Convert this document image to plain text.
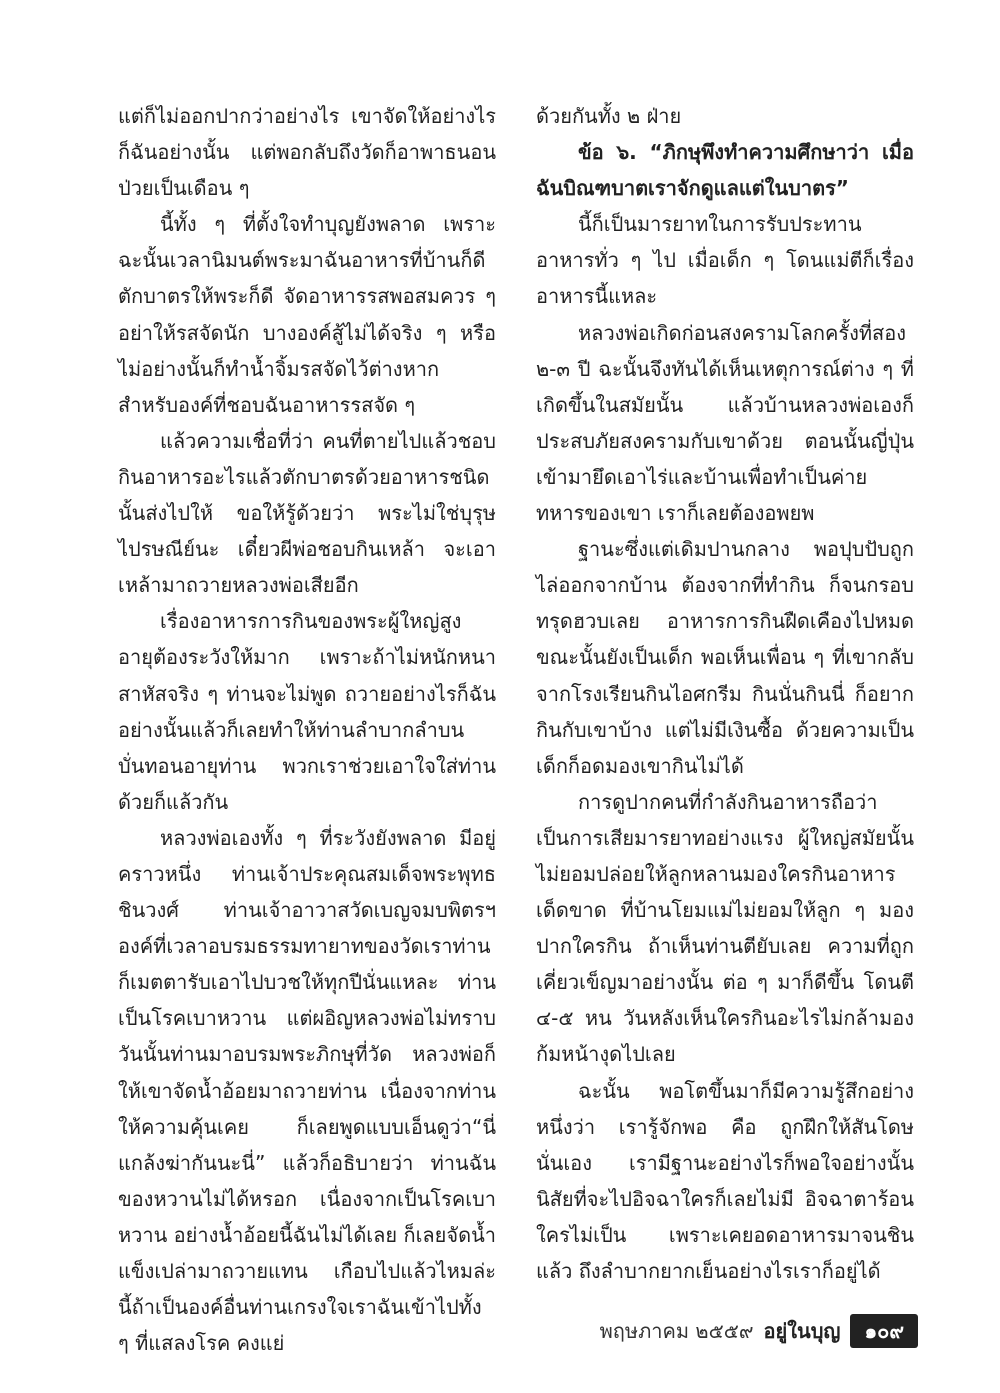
แต่ก็ไม่ออกปากว่าอย่างไร เขาจัดให้อย่างไรก็ฉันอย่างนั้น แต่พอกลับถึงวัดก็อาพาธนอนป่วยเป็นเดือน ๆ

นี้ทั้ง ๆ ที่ตั้งใจทำบุญยังพลาด เพราะฉะนั้นเวลานิมนต์พระมาฉันอาหารที่บ้านก็ดีตักบาตรให้พระก็ดี จัดอาหารรสพอสมควร ๆ อย่าให้รสจัดนัก บางองค์สู้ไม่ได้จริง ๆ หรือไม่อย่างนั้นก็ทำน้ำจิ้มรสจัดไว้ต่างหาก สำหรับองค์ที่ชอบฉันอาหารรสจัด ๆ

แล้วความเชื่อที่ว่า คนที่ตายไปแล้วชอบกินอาหารอะไรแล้วตักบาตรด้วยอาหารชนิดนั้นส่งไปให้ ขอให้รู้ด้วยว่า พระไม่ใช่บุรุษไปรษณีย์นะ เดี๋ยวผีพ่อชอบกินเหล้า จะเอาเหล้ามาถวายหลวงพ่อเสียอีก

เรื่องอาหารการกินของพระผู้ใหญ่สูงอายุต้องระวังให้มาก เพราะถ้าไม่หนักหนาสาหัสจริง ๆ ท่านจะไม่พูด ถวายอย่างไรก็ฉันอย่างนั้นแล้วก็เลยทำให้ท่านลำบากลำบน บั่นทอนอายุท่าน พวกเราช่วยเอาใจใส่ท่านด้วยก็แล้วกัน

หลวงพ่อเองทั้ง ๆ ที่ระวังยังพลาด มีอยู่คราวหนึ่ง ท่านเจ้าประคุณสมเด็จพระพุทธชินวงศ์ ท่านเจ้าอาวาสวัดเบญจมบพิตรฯ องค์ที่เวลาอบรมธรรมทายาทของวัดเราท่านก็เมตตารับเอาไปบวชให้ทุกปีนั่นแหละ ท่านเป็นโรคเบาหวาน แต่ผอิญหลวงพ่อไม่ทราบ วันนั้นท่านมาอบรมพระภิกษุที่วัด หลวงพ่อก็ให้เขาจัดน้ำอ้อยมาถวายท่าน เนื่องจากท่านให้ความคุ้นเคย ก็เลยพูดแบบเอ็นดูว่า“นี่แกล้งฆ่ากันนะนี่” แล้วก็อธิบายว่า ท่านฉันของหวานไม่ได้หรอก เนื่องจากเป็นโรคเบาหวาน อย่างน้ำอ้อยนี้ฉันไม่ได้เลย ก็เลยจัดน้ำแข็งเปล่ามาถวายแทน เกือบไปแล้วไหมล่ะ นี้ถ้าเป็นองค์อื่นท่านเกรงใจเราฉันเข้าไปทั้ง ๆ ที่แสลงโรค คงแย่

ด้วยกันทั้ง ๒ ฝ่าย

ข้อ ๖. “ภิกษุพึงทำความศึกษาว่า เมื่อฉันบิณฑบาตเราจักดูแลแต่ในบาตร”

นี้ก็เป็นมารยาทในการรับประทานอาหารทั่ว ๆ ไป เมื่อเด็ก ๆ โดนแม่ตีก็เรื่องอาหารนี้แหละ

หลวงพ่อเกิดก่อนสงครามโลกครั้งที่สอง ๒-๓ ปี ฉะนั้นจึงทันได้เห็นเหตุการณ์ต่าง ๆ ที่เกิดขึ้นในสมัยนั้น แล้วบ้านหลวงพ่อเองก็ประสบภัยสงครามกับเขาด้วย ตอนนั้นญี่ปุ่นเข้ามายึดเอาไร่และบ้านเพื่อทำเป็นค่ายทหารของเขา เราก็เลยต้องอพยพ

ฐานะซึ่งแต่เดิมปานกลาง พอปุบปับถูกไล่ออกจากบ้าน ต้องจากที่ทำกิน ก็จนกรอบทรุดฮวบเลย อาหารการกินฝืดเคืองไปหมด ขณะนั้นยังเป็นเด็ก พอเห็นเพื่อน ๆ ที่เขากลับจากโรงเรียนกินไอศกรีม กินนั่นกินนี่ ก็อยากกินกับเขาบ้าง แต่ไม่มีเงินซื้อ ด้วยความเป็นเด็กก็อดมองเขากินไม่ได้

การดูปากคนที่กำลังกินอาหารถือว่าเป็นการเสียมารยาทอย่างแรง ผู้ใหญ่สมัยนั้นไม่ยอมปล่อยให้ลูกหลานมองใครกินอาหารเด็ดขาด ที่บ้านโยมแม่ไม่ยอมให้ลูก ๆ มองปากใครกิน ถ้าเห็นท่านตียับเลย ความที่ถูกเคี่ยวเข็ญมาอย่างนั้น ต่อ ๆ มาก็ดีขึ้น โดนตี ๔-๕ หน วันหลังเห็นใครกินอะไรไม่กล้ามอง ก้มหน้างุดไปเลย

ฉะนั้น พอโตขึ้นมาก็มีความรู้สึกอย่างหนึ่งว่า เรารู้จักพอ คือ ถูกฝึกให้สันโดษนั่นเอง เรามีฐานะอย่างไรก็พอใจอย่างนั้น นิสัยที่จะไปอิจฉาใครก็เลยไม่มี อิจฉาตาร้อนใครไม่เป็น เพราะเคยอดอาหารมาจนชินแล้ว ถึงลำบากยากเย็นอย่างไรเราก็อยู่ได้

พฤษภาคม ๒๕๕๙ อยู่ในบุญ	๑๐๙
